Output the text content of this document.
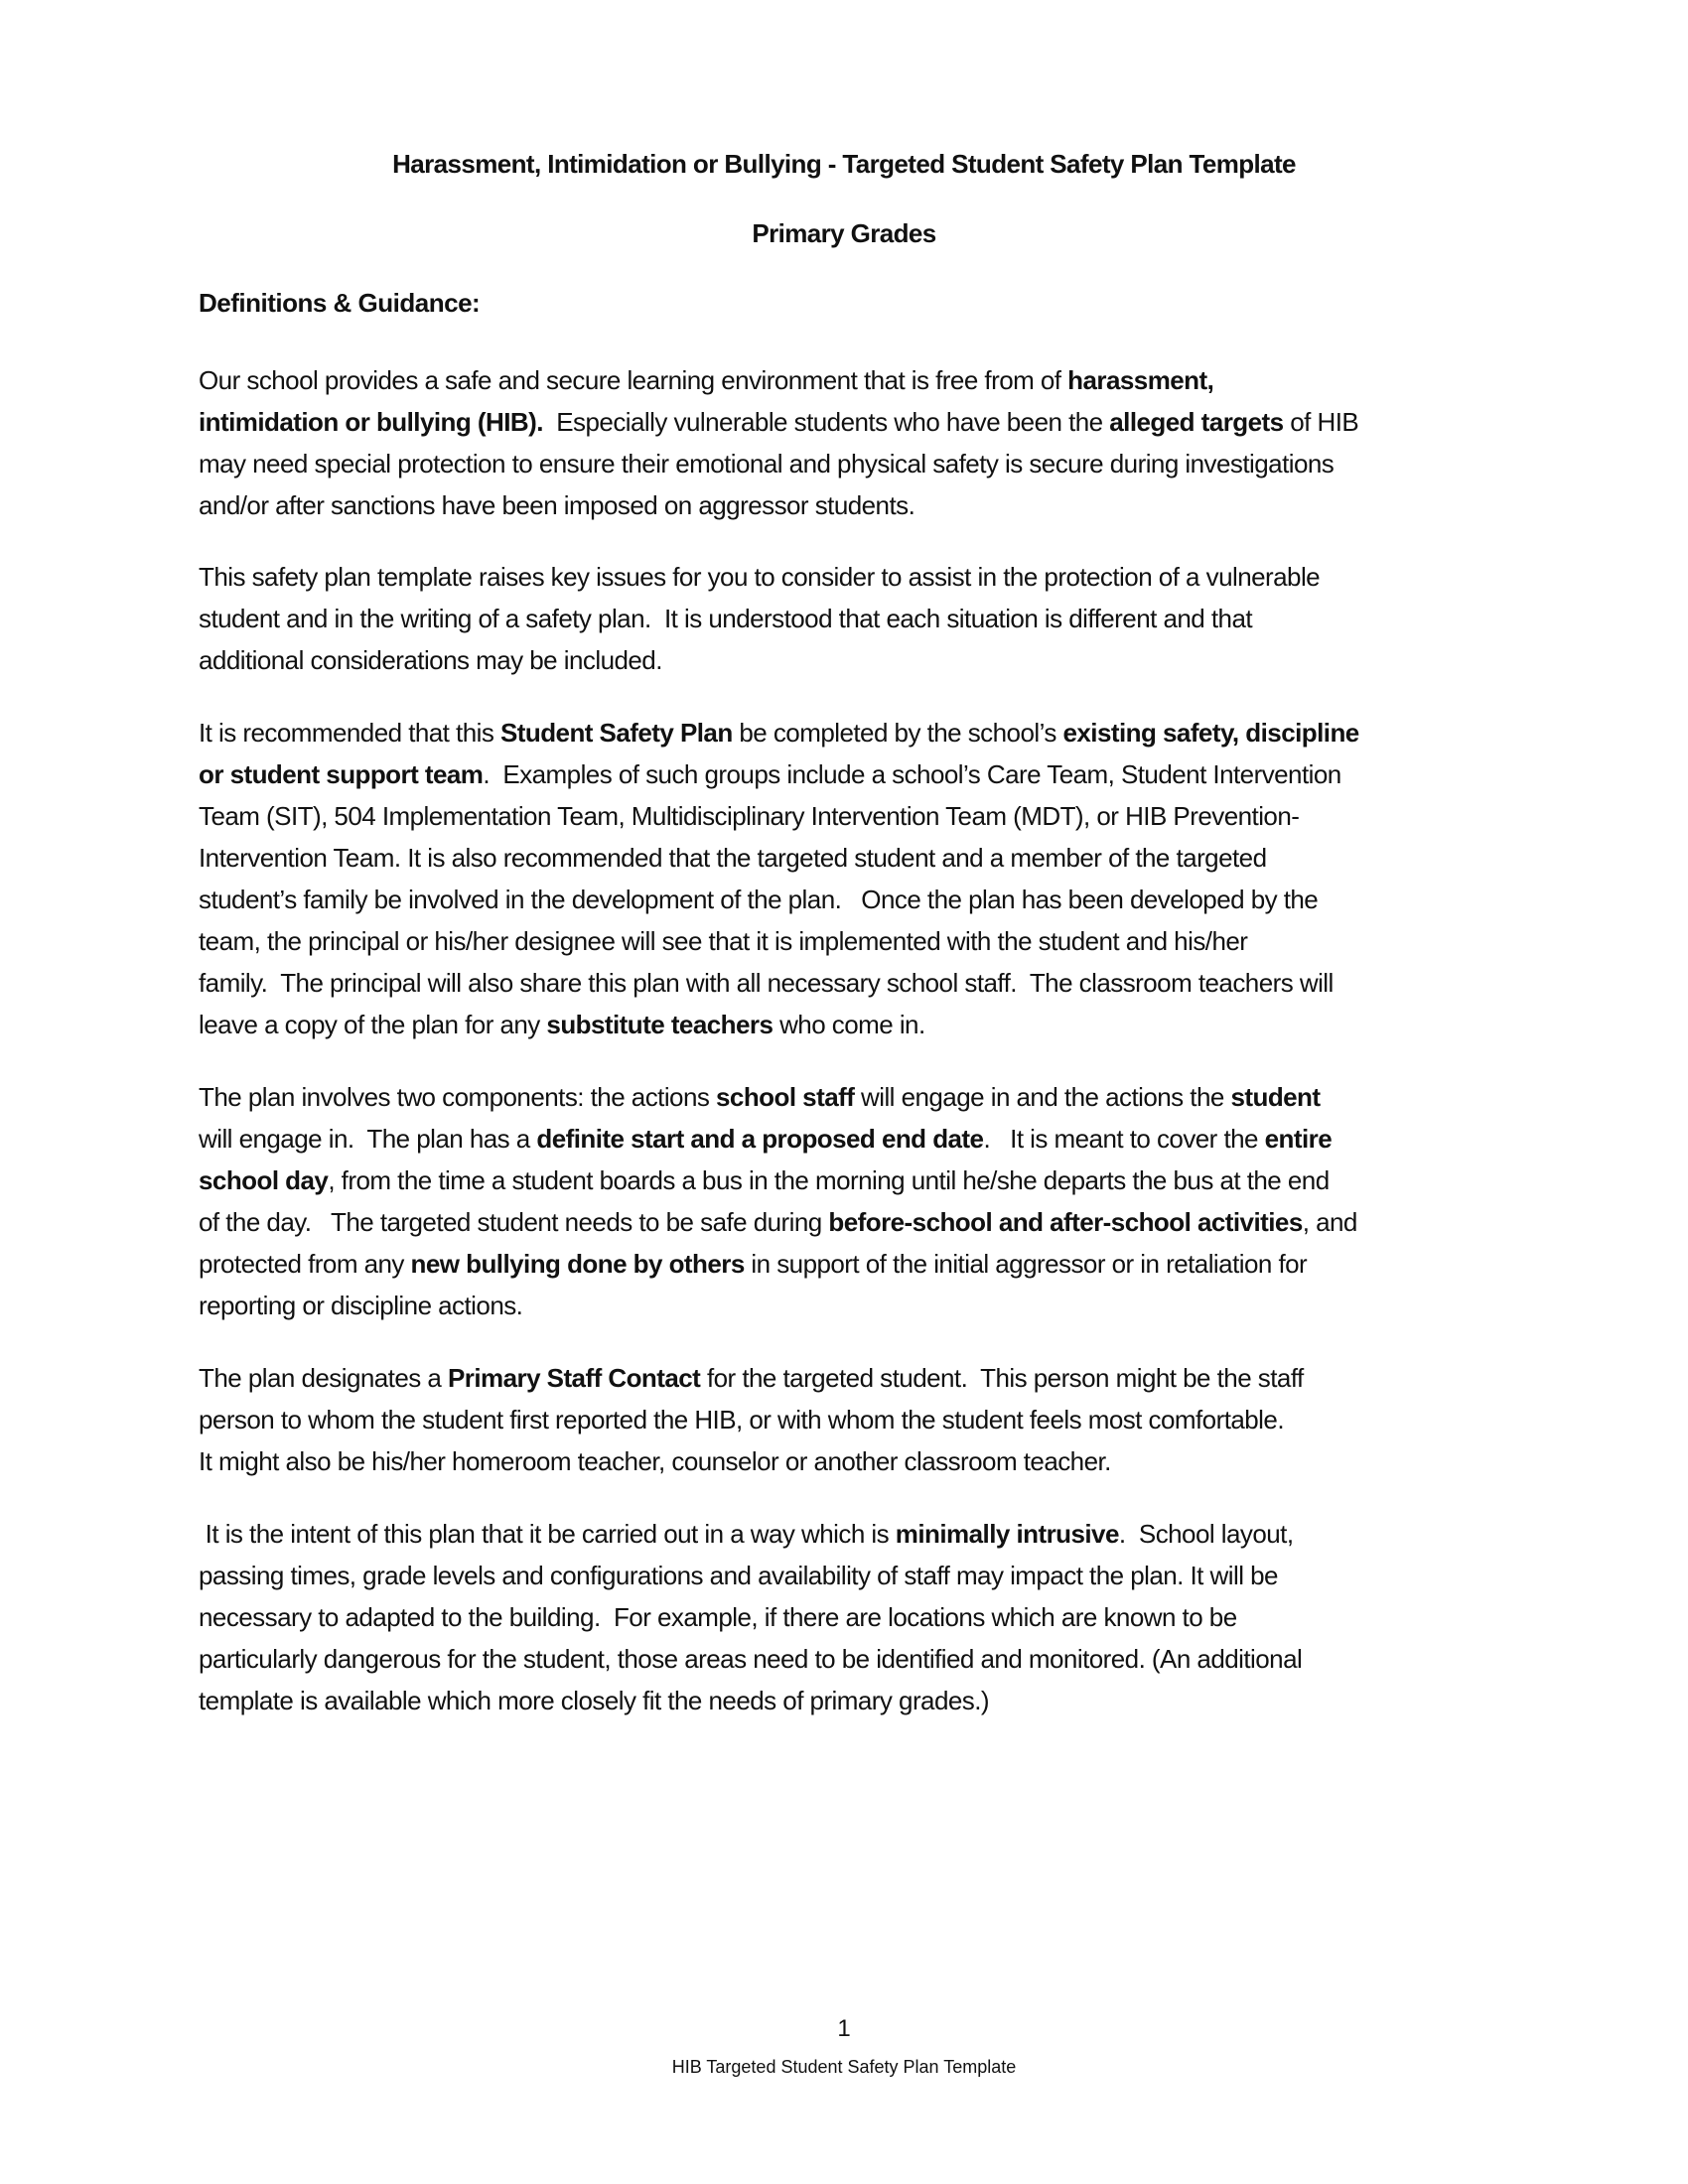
Harassment, Intimidation or Bullying - Targeted Student Safety Plan Template
Primary Grades
Definitions & Guidance:
Our school provides a safe and secure learning environment that is free from of harassment,
intimidation or bullying (HIB).  Especially vulnerable students who have been the alleged targets of HIB
may need special protection to ensure their emotional and physical safety is secure during investigations
and/or after sanctions have been imposed on aggressor students.
This safety plan template raises key issues for you to consider to assist in the protection of a vulnerable
student and in the writing of a safety plan.  It is understood that each situation is different and that
additional considerations may be included.
It is recommended that this Student Safety Plan be completed by the school’s existing safety, discipline
or student support team.  Examples of such groups include a school’s Care Team, Student Intervention
Team (SIT), 504 Implementation Team, Multidisciplinary Intervention Team (MDT), or HIB Prevention-
Intervention Team. It is also recommended that the targeted student and a member of the targeted
student’s family be involved in the development of the plan.   Once the plan has been developed by the
team, the principal or his/her designee will see that it is implemented with the student and his/her
family.  The principal will also share this plan with all necessary school staff.  The classroom teachers will
leave a copy of the plan for any substitute teachers who come in.
The plan involves two components: the actions school staff will engage in and the actions the student
will engage in.  The plan has a definite start and a proposed end date.   It is meant to cover the entire
school day, from the time a student boards a bus in the morning until he/she departs the bus at the end
of the day.   The targeted student needs to be safe during before-school and after-school activities, and
protected from any new bullying done by others in support of the initial aggressor or in retaliation for
reporting or discipline actions.
The plan designates a Primary Staff Contact for the targeted student.  This person might be the staff
person to whom the student first reported the HIB, or with whom the student feels most comfortable.
It might also be his/her homeroom teacher, counselor or another classroom teacher.
It is the intent of this plan that it be carried out in a way which is minimally intrusive.  School layout,
passing times, grade levels and configurations and availability of staff may impact the plan. It will be
necessary to adapted to the building.  For example, if there are locations which are known to be
particularly dangerous for the student, those areas need to be identified and monitored. (An additional
template is available which more closely fit the needs of primary grades.)
1
HIB Targeted Student Safety Plan Template
